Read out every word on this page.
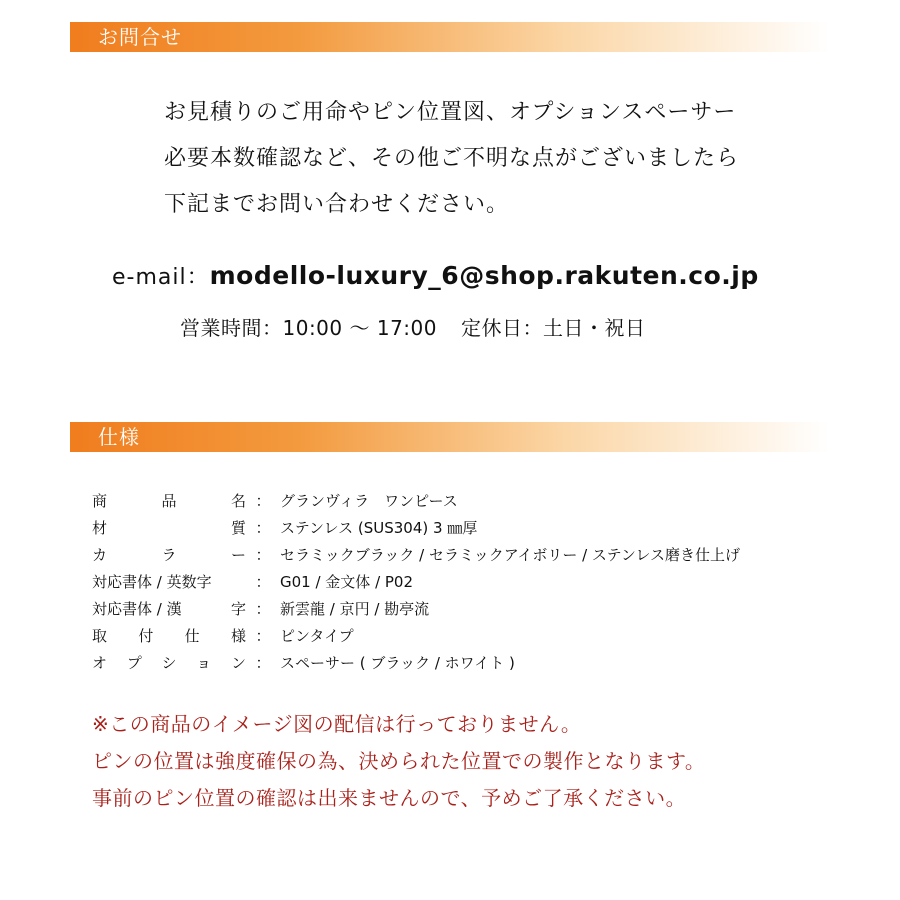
お問合せ
お見積りのご用命やピン位置図、オプションスペーサー
必要本数確認など、その他ご不明な点がございましたら
下記までお問い合わせください。
e-mail：modello-luxury_6@shop.rakuten.co.jp
営業時間：10:00 ～ 17:00 定休日：土日・祝日
仕様
商	品	名 ： グランヴィラ　ワンピース
材	質 ： ステンレス (SUS304) 3 ㎜厚
カ	ラ	ー ： セラミックブラック / セラミックアイボリー / ステンレス磨き仕上げ
対応書体 / 英数字	： G01 / 金文体 / P02
対応書体 / 漢	字 ： 新雲龍 / 京円 / 勘亭流
取 付 仕 様 ： ピンタイプ
オ プ シ ョ ン ： スペーサー ( ブラック / ホワイト )
※この商品のイメージ図の配信は行っておりません。
ピンの位置は強度確保の為、決められた位置での製作となります。
事前のピン位置の確認は出来ませんので、予めご了承ください。
